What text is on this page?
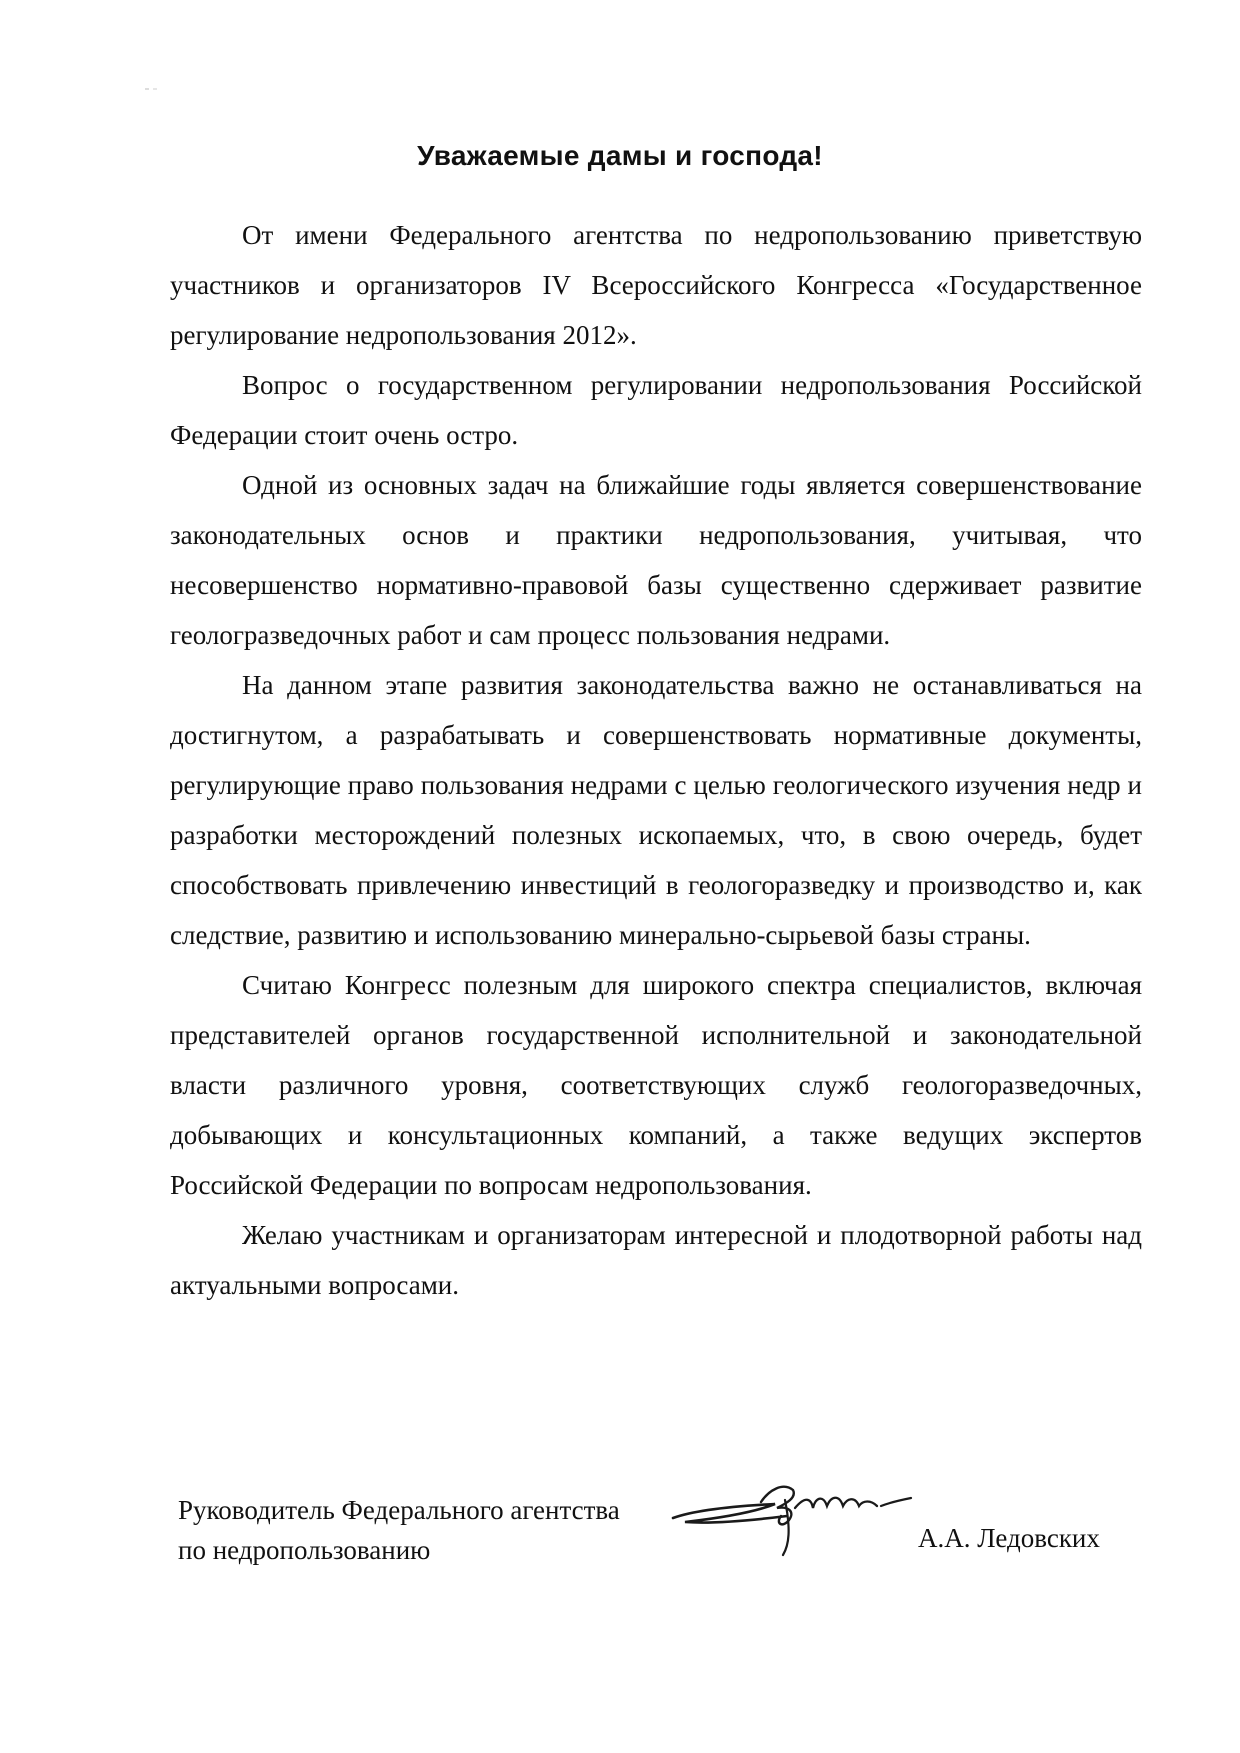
Уважаемые дамы и господа!

От имени Федерального агентства по недропользованию приветствую участников и организаторов IV Всероссийского Конгресса «Государственное регулирование недропользования 2012».

Вопрос о государственном регулировании недропользования Российской Федерации стоит очень остро.

Одной из основных задач на ближайшие годы является совершенствование законодательных основ и практики недропользования, учитывая, что несовершенство нормативно-правовой базы существенно сдерживает развитие геологразведочных работ и сам процесс пользования недрами.

На данном этапе развития законодательства важно не останавливаться на достигнутом, а разрабатывать и совершенствовать нормативные документы, регулирующие право пользования недрами с целью геологического изучения недр и разработки месторождений полезных ископаемых, что, в свою очередь, будет способствовать привлечению инвестиций в геологоразведку и производство и, как следствие, развитию и использованию минерально-сырьевой базы страны.

Считаю Конгресс полезным для широкого спектра специалистов, включая представителей органов государственной исполнительной и законодательной власти различного уровня, соответствующих служб геологоразведочных, добывающих и консультационных компаний, а также ведущих экспертов Российской Федерации по вопросам недропользования.

Желаю участникам и организаторам интересной и плодотворной работы над актуальными вопросами.

Руководитель Федерального агентства
по недропользованию	А.А. Ледовских
